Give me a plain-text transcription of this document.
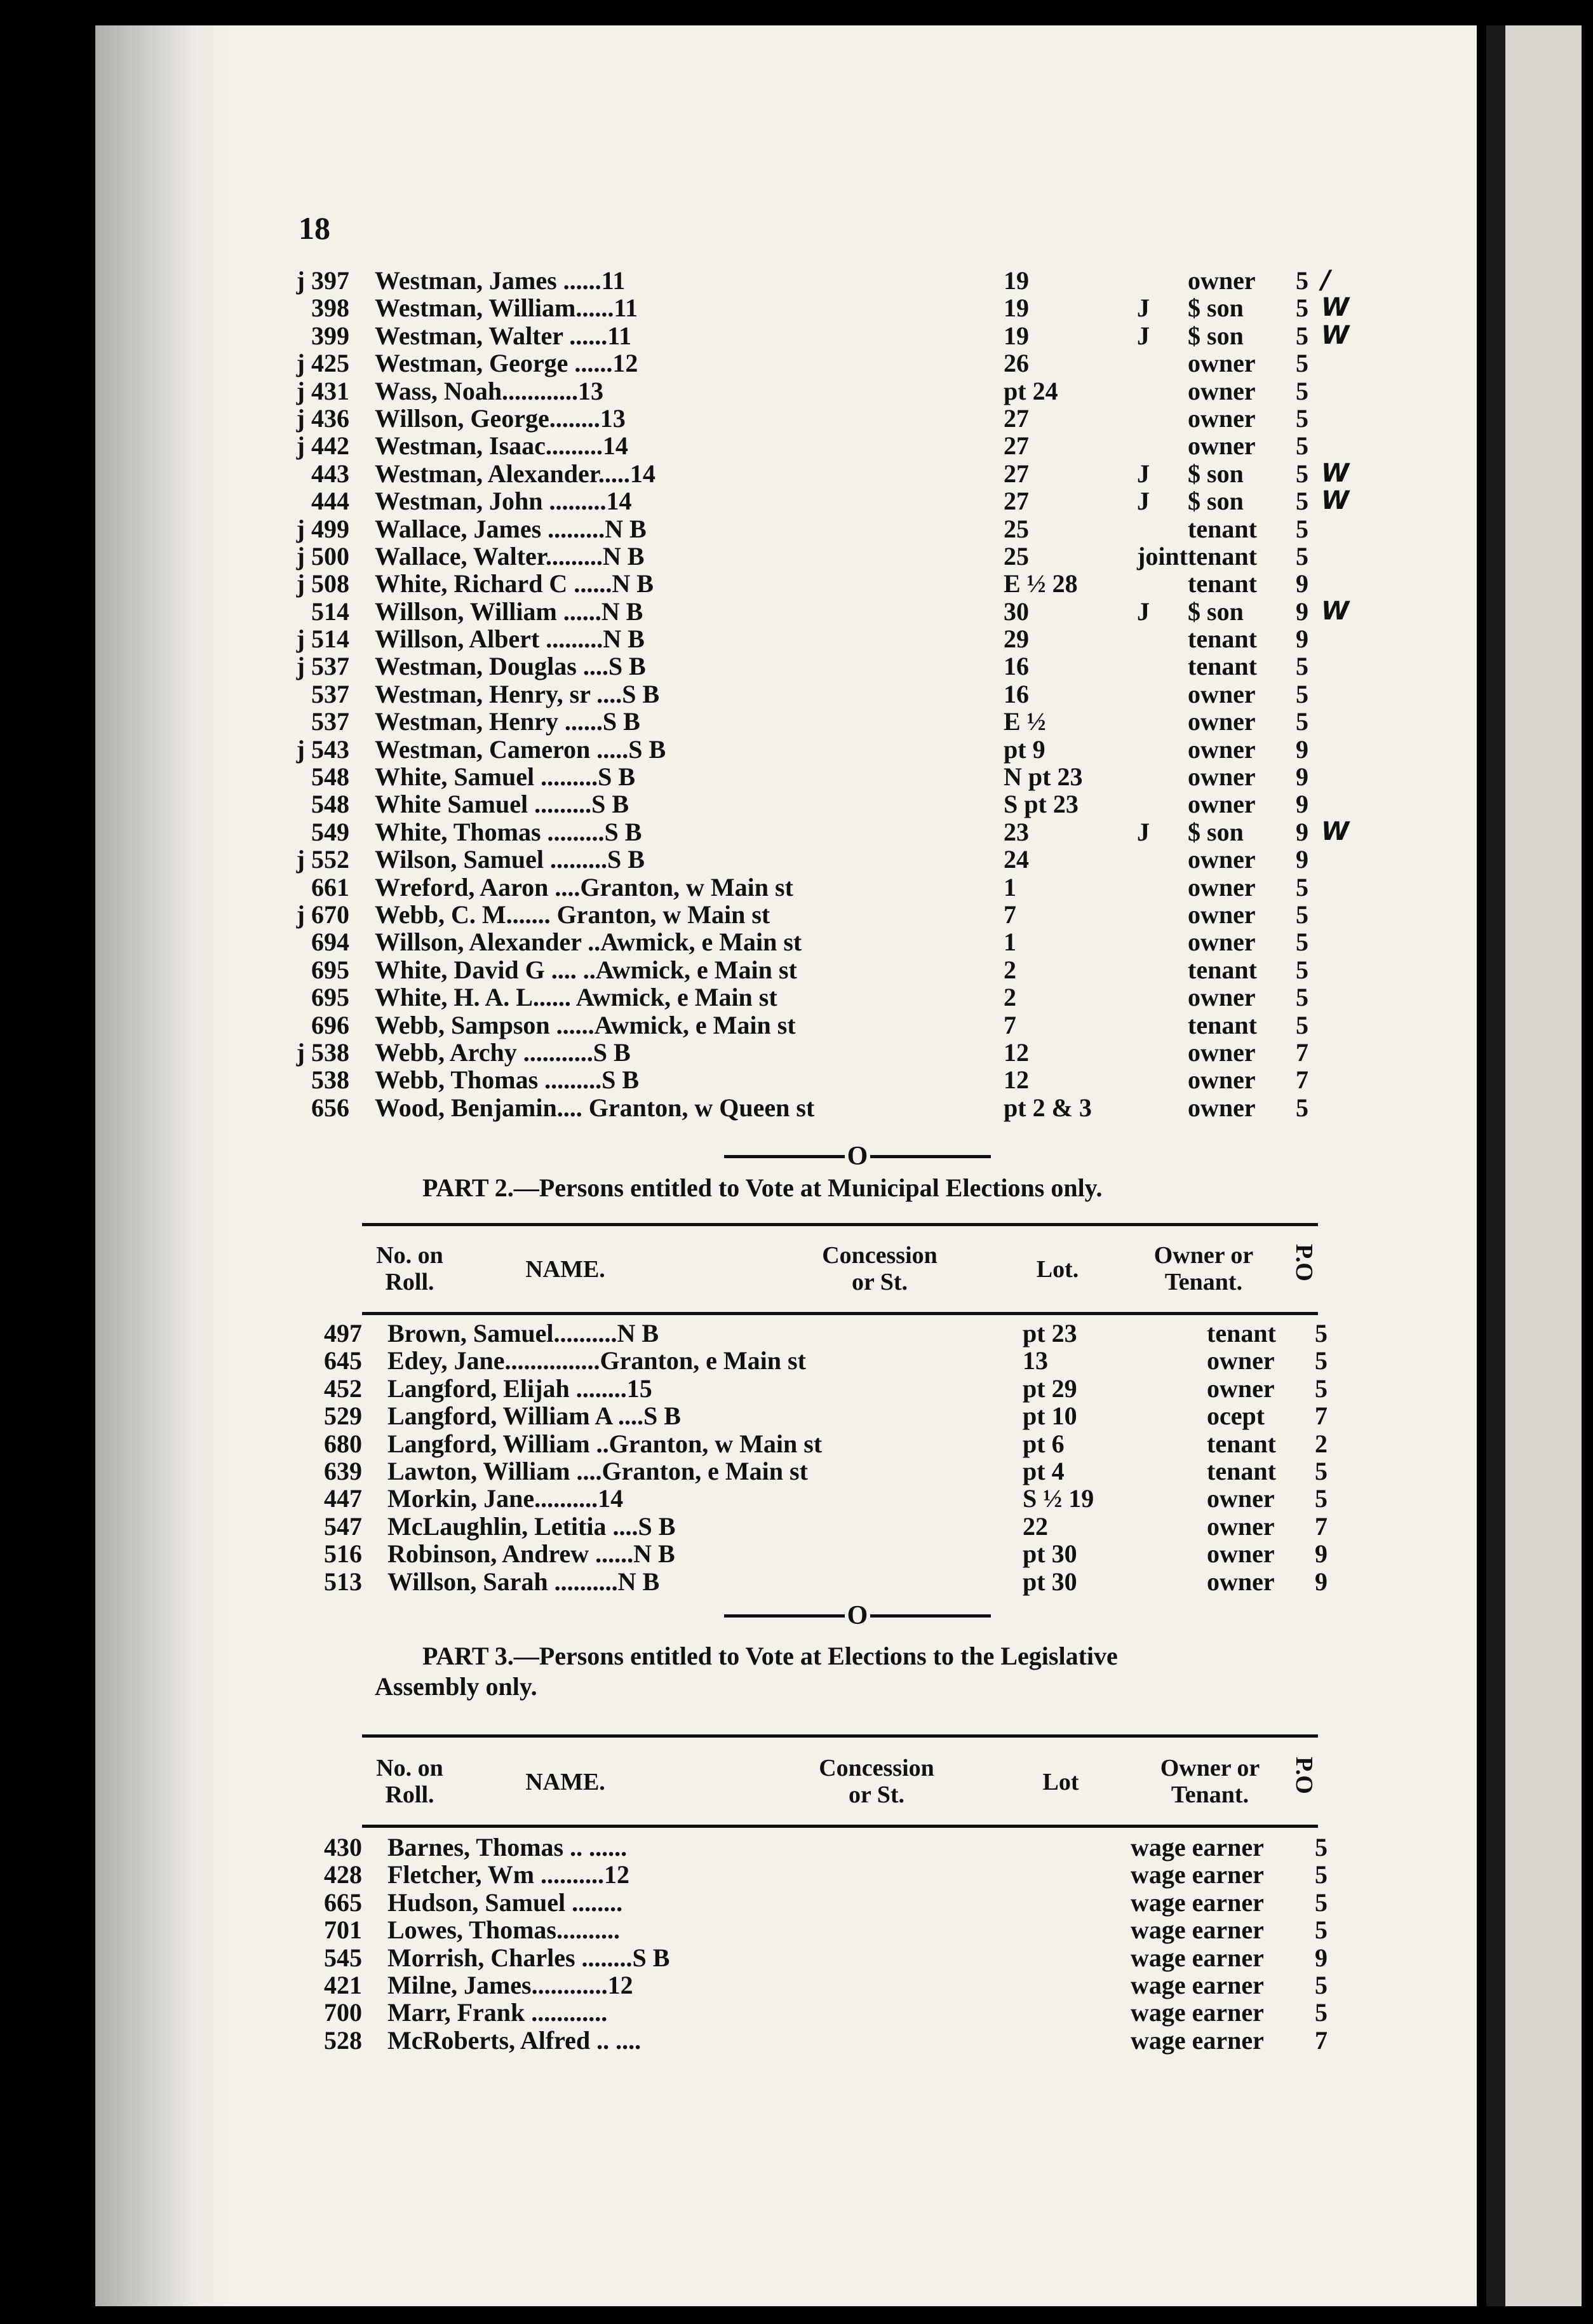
18
j 397 Westman, James ......11	19	owner 5 /
398 Westman, William......11	19	J $ son 5 W
399 Westman, Walter ......11	19	J $ son 5 W
j 425 Westman, George ......12	26	owner 5
j 431 Wass, Noah............13	pt 24	owner 5
j 436 Willson, George........13	27	owner 5
j 442 Westman, Isaac.........14	27	owner 5
443 Westman, Alexander.....14	27	J $ son 5 W
444 Westman, John .........14	27	J $ son 5 W
j 499 Wallace, James .........N B	25	tenant 5
j 500 Wallace, Walter.........N B	25	joint tenant 5
j 508 White, Richard C ......N B	E ½ 28	tenant 9
514 Willson, William ......N B	30	J $ son 9 W
j 514 Willson, Albert .........N B	29	tenant 9
j 537 Westman, Douglas ....S B	16	tenant 5
537 Westman, Henry, sr ....S B	16	owner 5
537 Westman, Henry ......S B	E ½	owner 5
j 543 Westman, Cameron .....S B	pt 9	owner 9
548 White, Samuel .........S B	N pt 23	owner 9
548 White Samuel .........S B	S pt 23	owner 9
549 White, Thomas .........S B	23	J $ son 9 W
j 552 Wilson, Samuel .........S B	24	owner 9
661 Wreford, Aaron ....Granton, w Main st	1	owner 5
j 670 Webb, C. M....... Granton, w Main st	7	owner 5
694 Willson, Alexander ..Awmick, e Main st	1	owner 5
695 White, David G .... ..Awmick, e Main st	2	tenant 5
695 White, H. A. L...... Awmick, e Main st	2	owner 5
696 Webb, Sampson ......Awmick, e Main st	7	tenant 5
j 538 Webb, Archy ...........S B	12	owner 7
538 Webb, Thomas .........S B	12	owner 7
656 Wood, Benjamin.... Granton, w Queen st	pt 2 & 3	owner 5
O
PART 2.—Persons entitled to Vote at Municipal Elections only.
No. on Roll.	NAME.
Concession or St.	Lot.
Owner or Tenant.
P.O
497 Brown, Samuel..........N B	pt 23	tenant 5
645 Edey, Jane...............Granton, e Main st	13	owner 5
452 Langford, Elijah ........15	pt 29	owner 5
529 Langford, William A ....S B	pt 10	ocept 7
680 Langford, William ..Granton, w Main st	pt 6	tenant 2
639 Lawton, William ....Granton, e Main st	pt 4	tenant 5
447 Morkin, Jane..........14	S ½ 19	owner 5
547 McLaughlin, Letitia ....S B	22	owner 7
516 Robinson, Andrew ......N B	pt 30	owner 9
513 Willson, Sarah ..........N B	pt 30	owner 9
O
PART 3.—Persons entitled to Vote at Elections to the Legislative
Assembly only.
No. on Roll.	NAME.
Concession or St.	Lot
Owner or Tenant.
P.O
430 Barnes, Thomas .. ......	wage earner 5
428 Fletcher, Wm ..........12	wage earner 5
665 Hudson, Samuel ........	wage earner 5
701 Lowes, Thomas..........	wage earner 5
545 Morrish, Charles ........S B	wage earner 9
421 Milne, James............12	wage earner 5
700 Marr, Frank ............	wage earner 5
528 McRoberts, Alfred .. ....	wage earner 7
